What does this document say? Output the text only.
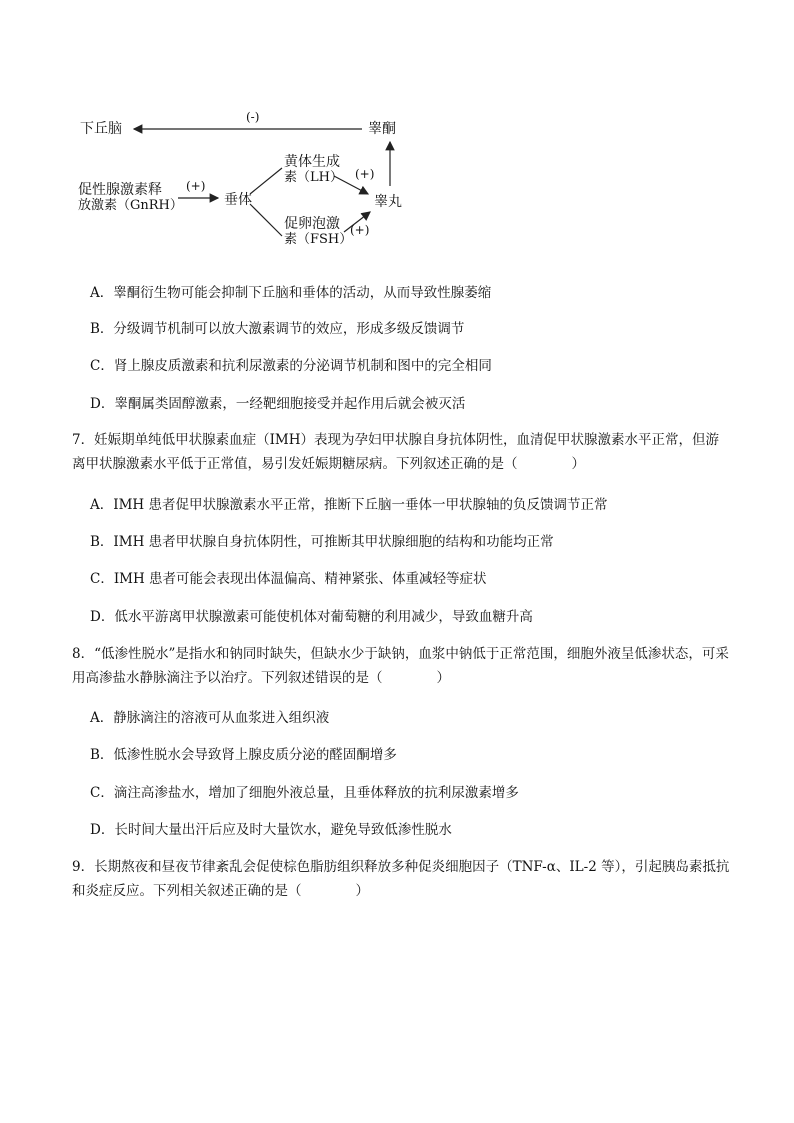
下丘脑	睾酮
(-)
促性腺激素释
放激素（GnRH）
(+)
垂体
黄体生成
素（LH） (+)
睾丸
促卵泡激
素（FSH）
(+)
A．睾酮衍生物可能会抑制下丘脑和垂体的活动，从而导致性腺萎缩
B．分级调节机制可以放大激素调节的效应，形成多级反馈调节
C．肾上腺皮质激素和抗利尿激素的分泌调节机制和图中的完全相同
D．睾酮属类固醇激素，一经靶细胞接受并起作用后就会被灭活
7．妊娠期单纯低甲状腺素血症（IMH）表现为孕妇甲状腺自身抗体阴性，血清促甲状腺激素水平正常，但游离甲状腺激素水平低于正常值，易引发妊娠期糖尿病。下列叙述正确的是（　　　　）
A．IMH 患者促甲状腺激素水平正常，推断下丘脑一垂体一甲状腺轴的负反馈调节正常
B．IMH 患者甲状腺自身抗体阴性，可推断其甲状腺细胞的结构和功能均正常
C．IMH 患者可能会表现出体温偏高、精神紧张、体重减轻等症状
D．低水平游离甲状腺激素可能使机体对葡萄糖的利用减少，导致血糖升高
8．“低渗性脱水”是指水和钠同时缺失，但缺水少于缺钠，血浆中钠低于正常范围，细胞外液呈低渗状态，可采用高渗盐水静脉滴注予以治疗。下列叙述错误的是（　　　　）
A．静脉滴注的溶液可从血浆进入组织液
B．低渗性脱水会导致肾上腺皮质分泌的醛固酮增多
C．滴注高渗盐水，增加了细胞外液总量，且垂体释放的抗利尿激素增多
D．长时间大量出汗后应及时大量饮水，避免导致低渗性脱水
9．长期熬夜和昼夜节律紊乱会促使棕色脂肪组织释放多种促炎细胞因子（TNF-α、IL-2 等），引起胰岛素抵抗和炎症反应。下列相关叙述正确的是（　　　　）
